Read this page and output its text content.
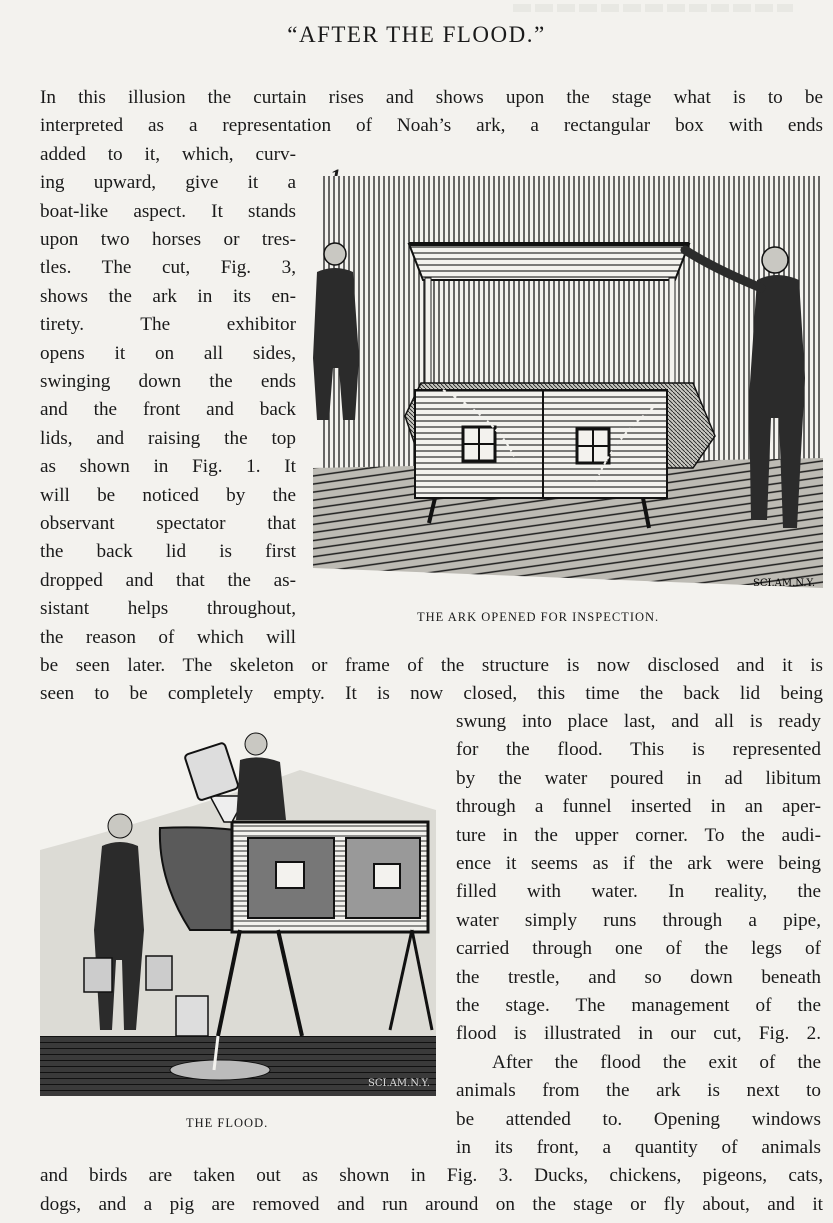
“AFTER THE FLOOD.”
In this illusion the curtain rises and shows upon the stage what is to be
interpreted as a representation of Noah’s ark, a rectangular box with ends
added to it, which, curv-
ing upward, give it a
boat-like aspect. It stands
upon two horses or tres-
tles. The cut, Fig. 3,
shows the ark in its en-
tirety. The exhibitor
opens it on all sides,
swinging down the ends
and the front and back
lids, and raising the top
as shown in Fig. 1. It
will be noticed by the
observant spectator that
the back lid is first
dropped and that the as-
sistant helps throughout,
the reason of which will
SCI.AM.N.Y.
THE ARK OPENED FOR INSPECTION.
be seen later. The skeleton or frame of the structure is now disclosed and it is
seen to be completely empty. It is now closed, this time the back lid being
swung into place last, and all is ready
for the flood. This is represented
by the water poured in ad libitum
through a funnel inserted in an aper-
ture in the upper corner. To the audi-
ence it seems as if the ark were being
filled with water. In reality, the
water simply runs through a pipe,
carried through one of the legs of
the trestle, and so down beneath
the stage. The management of the
flood is illustrated in our cut, Fig. 2.
After the flood the exit of the
animals from the ark is next to
be attended to. Opening windows
in its front, a quantity of animals
SCI.AM.N.Y.
THE FLOOD.
and birds are taken out as shown in Fig. 3. Ducks, chickens, pigeons, cats,
dogs, and a pig are removed and run around on the stage or fly about, and it
